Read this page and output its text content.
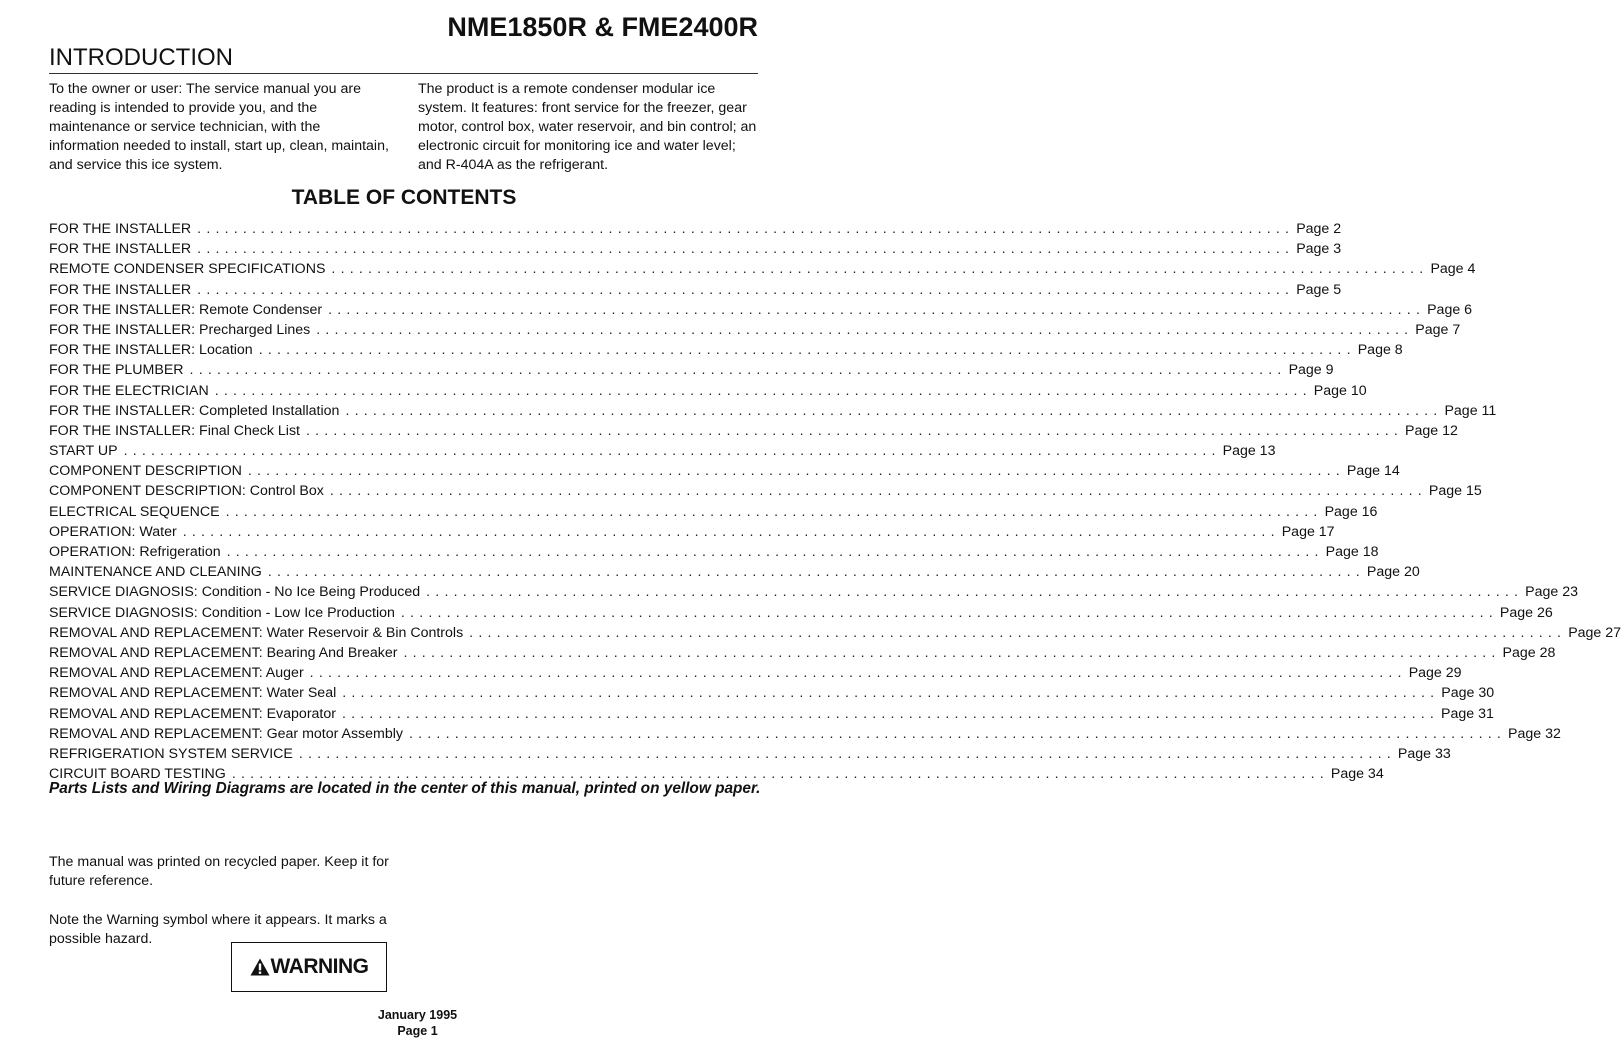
NME1850R & FME2400R
INTRODUCTION
To the owner or user: The service manual you are reading is intended to provide you, and the maintenance or service technician, with the information needed to install, start up, clean, maintain, and service this ice system.
The product is a remote condenser modular ice system. It features: front service for the freezer, gear motor, control box, water reservoir, and bin control; an electronic circuit for monitoring ice and water level; and R-404A as the refrigerant.
TABLE OF CONTENTS
FOR THE INSTALLER ........................................................................................................................ Page 2
FOR THE INSTALLER ........................................................................................................................ Page 3
REMOTE CONDENSER SPECIFICATIONS ........................................................................................................................ Page 4
FOR THE INSTALLER ........................................................................................................................ Page 5
FOR THE INSTALLER: Remote Condenser ........................................................................................................................ Page 6
FOR THE INSTALLER: Precharged Lines ........................................................................................................................ Page 7
FOR THE INSTALLER: Location ........................................................................................................................ Page 8
FOR THE PLUMBER ........................................................................................................................ Page 9
FOR THE ELECTRICIAN ........................................................................................................................ Page 10
FOR THE INSTALLER: Completed Installation ........................................................................................................................ Page 11
FOR THE INSTALLER: Final Check List ........................................................................................................................ Page 12
START UP ........................................................................................................................ Page 13
COMPONENT DESCRIPTION ........................................................................................................................ Page 14
COMPONENT DESCRIPTION: Control Box ........................................................................................................................ Page 15
ELECTRICAL SEQUENCE ........................................................................................................................ Page 16
OPERATION: Water ........................................................................................................................ Page 17
OPERATION: Refrigeration ........................................................................................................................ Page 18
MAINTENANCE AND CLEANING ........................................................................................................................ Page 20
SERVICE DIAGNOSIS: Condition - No Ice Being Produced ........................................................................................................................ Page 23
SERVICE DIAGNOSIS: Condition - Low Ice Production ........................................................................................................................ Page 26
REMOVAL AND REPLACEMENT: Water Reservoir & Bin Controls ........................................................................................................................ Page 27
REMOVAL AND REPLACEMENT: Bearing And Breaker ........................................................................................................................ Page 28
REMOVAL AND REPLACEMENT: Auger ........................................................................................................................ Page 29
REMOVAL AND REPLACEMENT: Water Seal ........................................................................................................................ Page 30
REMOVAL AND REPLACEMENT: Evaporator ........................................................................................................................ Page 31
REMOVAL AND REPLACEMENT: Gear motor Assembly ........................................................................................................................ Page 32
REFRIGERATION SYSTEM SERVICE ........................................................................................................................ Page 33
CIRCUIT BOARD TESTING ........................................................................................................................ Page 34
Parts Lists and Wiring Diagrams are located in the center of this manual, printed on yellow paper.
The manual was printed on recycled paper. Keep it for future reference.
Note the Warning symbol where it appears. It marks a possible hazard.
WARNING
January 1995
Page 1
